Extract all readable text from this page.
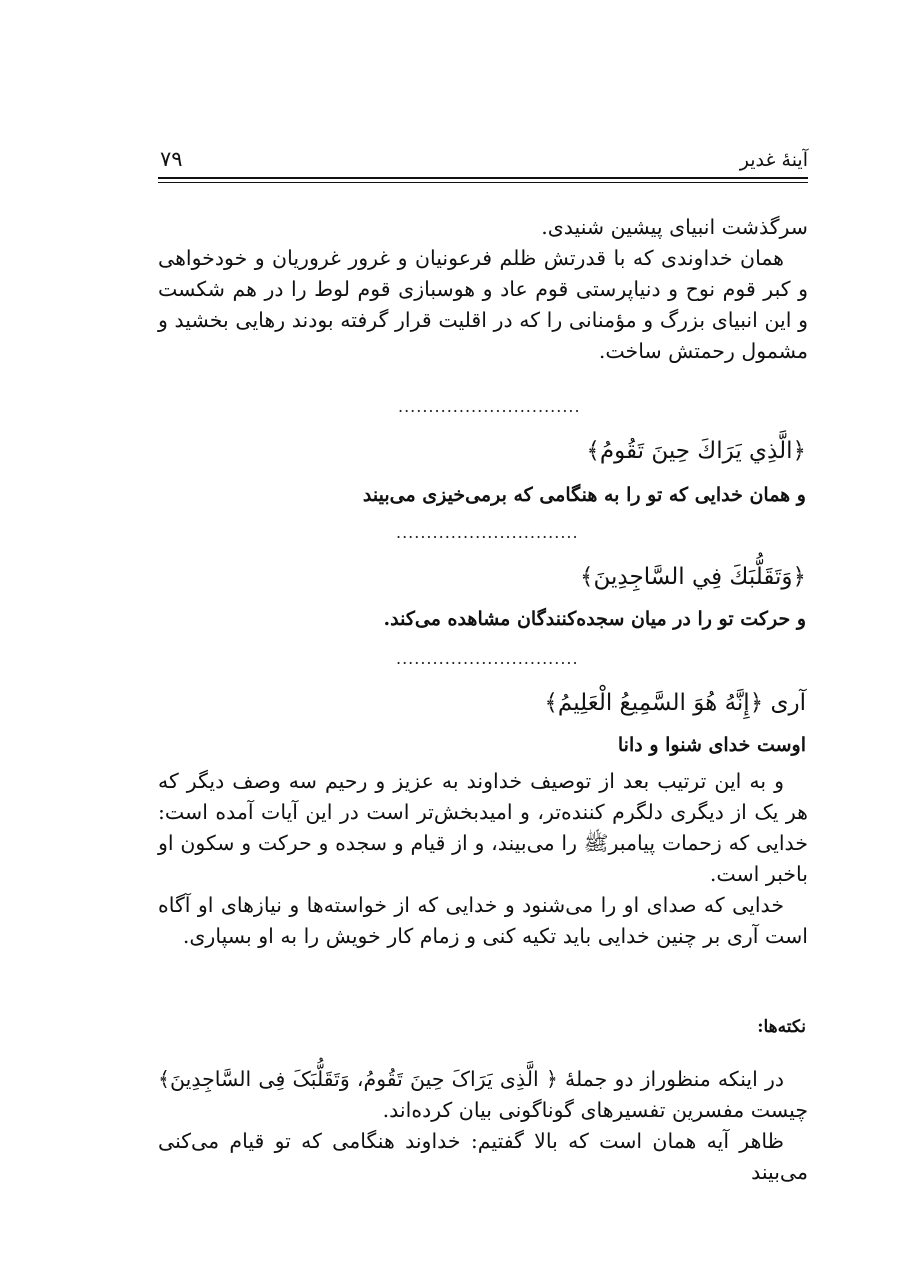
آینهٔ غدیر
۷۹

سرگذشت انبیای پیشین شنیدی.

همان خداوندی که با قدرتش ظلم فرعونیان و غرور غروریان و خودخواهی و کبر قوم نوح و دنیاپرستی قوم عاد و هوسبازی قوم لوط را در هم شکست و این انبیای بزرگ و مؤمنانی را که در اقلیت قرار گرفته بودند رهایی بخشید و مشمول رحمتش ساخت.

..............................
﴿الَّذِي يَرَاكَ حِينَ تَقُومُ﴾
و همان خدایی که تو را به هنگامی که برمی‌خیزی می‌بیند
..............................
﴿وَتَقَلُّبَكَ فِي السَّاجِدِينَ﴾
و حرکت تو را در میان سجده‌کنندگان مشاهده می‌کند.
..............................
آری ﴿إِنَّهُ هُوَ السَّمِيعُ الْعَلِيمُ﴾
اوست خدای شنوا و دانا

و به این ترتیب بعد از توصیف خداوند به عزیز و رحیم سه وصف دیگر که هر یک از دیگری دلگرم کننده‌تر، و امیدبخش‌تر است در این آیات آمده است: خدایی که زحمات پیامبرﷺ را می‌بیند، و از قیام و سجده و حرکت و سکون او باخبر است.

خدایی که صدای او را می‌شنود و خدایی که از خواسته‌ها و نیازهای او آگاه است آری بر چنین خدایی باید تکیه کنی و زمام کار خویش را به او بسپاری.

نکته‌ها:

در اینکه منظوراز دو جملهٔ ﴿ الَّذِی یَرَاکَ حِینَ تَقُومُ، وَتَقَلُّبَکَ فِی السَّاجِدِینَ﴾ چیست مفسرین تفسیرهای گوناگونی بیان کرده‌اند.

ظاهر آیه همان است که بالا گفتیم: خداوند هنگامی که تو قیام می‌کنی می‌بیند
